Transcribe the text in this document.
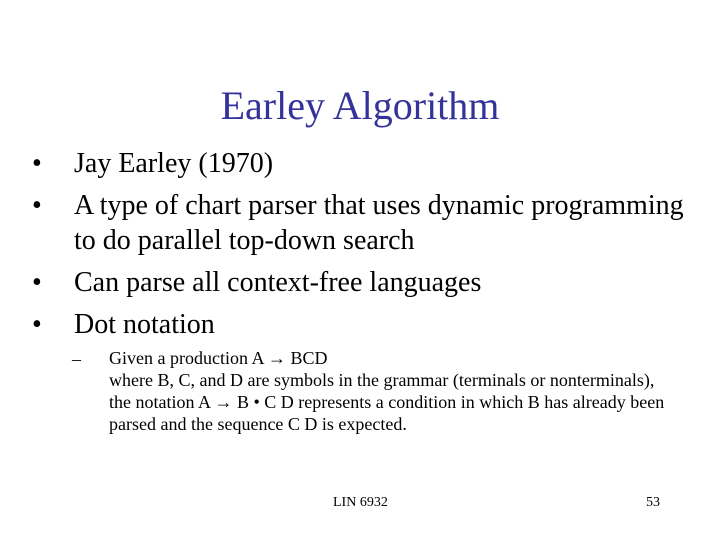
Earley Algorithm
• Jay Earley (1970)
• A type of chart parser that uses dynamic programming to do parallel top-down search
• Can parse all context-free languages
• Dot notation
– Given a production A → BCD
where B, C, and D are symbols in the grammar (terminals or nonterminals),
the notation A → B • C D represents a condition in which B has already been parsed and the sequence C D is expected.
LIN 6932	53
